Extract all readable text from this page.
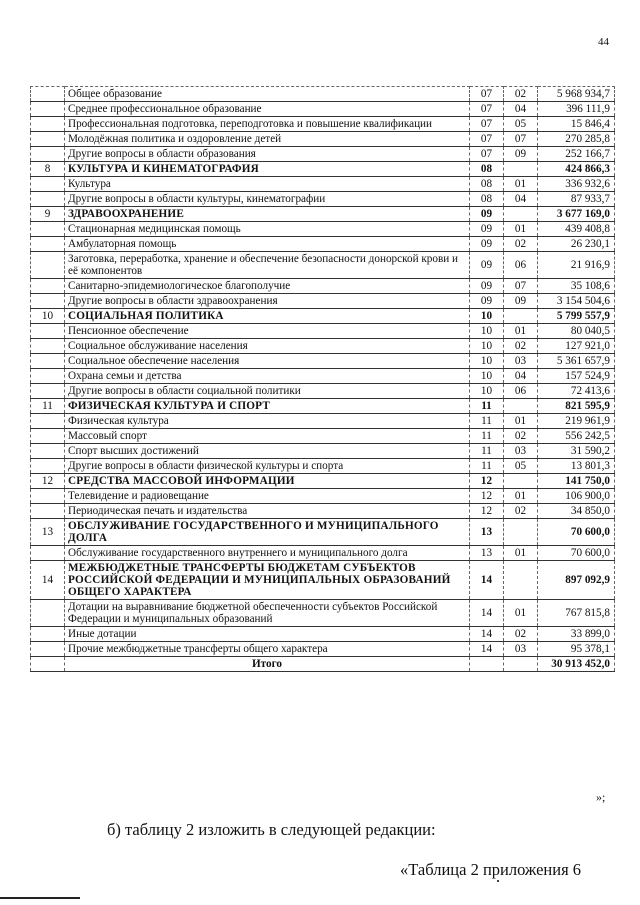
44
	Общее образование	07	02	5 968 934,7
	Среднее профессиональное образование	07	04	396 111,9
	Профессиональная подготовка, переподготовка и повышение квалификации	07	05	15 846,4
	Молодёжная политика и оздоровление детей	07	07	270 285,8
	Другие вопросы в области образования	07	09	252 166,7
8	КУЛЬТУРА И КИНЕМАТОГРАФИЯ	08		424 866,3
	Культура	08	01	336 932,6
	Другие вопросы в области культуры, кинематографии	08	04	87 933,7
9	ЗДРАВООХРАНЕНИЕ	09		3 677 169,0
	Стационарная медицинская помощь	09	01	439 408,8
	Амбулаторная помощь	09	02	26 230,1
	Заготовка, переработка, хранение и обеспечение безопасности донорской крови и её компонентов	09	06	21 916,9
	Санитарно-эпидемиологическое благополучие	09	07	35 108,6
	Другие вопросы в области здравоохранения	09	09	3 154 504,6
10	СОЦИАЛЬНАЯ ПОЛИТИКА	10		5 799 557,9
	Пенсионное обеспечение	10	01	80 040,5
	Социальное обслуживание населения	10	02	127 921,0
	Социальное обеспечение населения	10	03	5 361 657,9
	Охрана семьи и детства	10	04	157 524,9
	Другие вопросы в области социальной политики	10	06	72 413,6
11	ФИЗИЧЕСКАЯ КУЛЬТУРА И СПОРТ	11		821 595,9
	Физическая культура	11	01	219 961,9
	Массовый спорт	11	02	556 242,5
	Спорт высших достижений	11	03	31 590,2
	Другие вопросы в области физической культуры и спорта	11	05	13 801,3
12	СРЕДСТВА МАССОВОЙ ИНФОРМАЦИИ	12		141 750,0
	Телевидение и радиовещание	12	01	106 900,0
	Периодическая печать и издательства	12	02	34 850,0
13	ОБСЛУЖИВАНИЕ ГОСУДАРСТВЕННОГО И МУНИЦИПАЛЬНОГО ДОЛГА	13		70 600,0
	Обслуживание государственного внутреннего и муниципального долга	13	01	70 600,0
14	МЕЖБЮДЖЕТНЫЕ ТРАНСФЕРТЫ БЮДЖЕТАМ СУБЪЕКТОВ РОССИЙСКОЙ ФЕДЕРАЦИИ И МУНИЦИПАЛЬНЫХ ОБРАЗОВАНИЙ ОБЩЕГО ХАРАКТЕРА	14		897 092,9
	Дотации на выравнивание бюджетной обеспеченности субъектов Российской Федерации и муниципальных образований	14	01	767 815,8
	Иные дотации	14	02	33 899,0
	Прочие межбюджетные трансферты общего характера	14	03	95 378,1
	Итого			30 913 452,0
»;
б) таблицу 2 изложить в следующей редакции:
«Таблица 2 приложения 6
